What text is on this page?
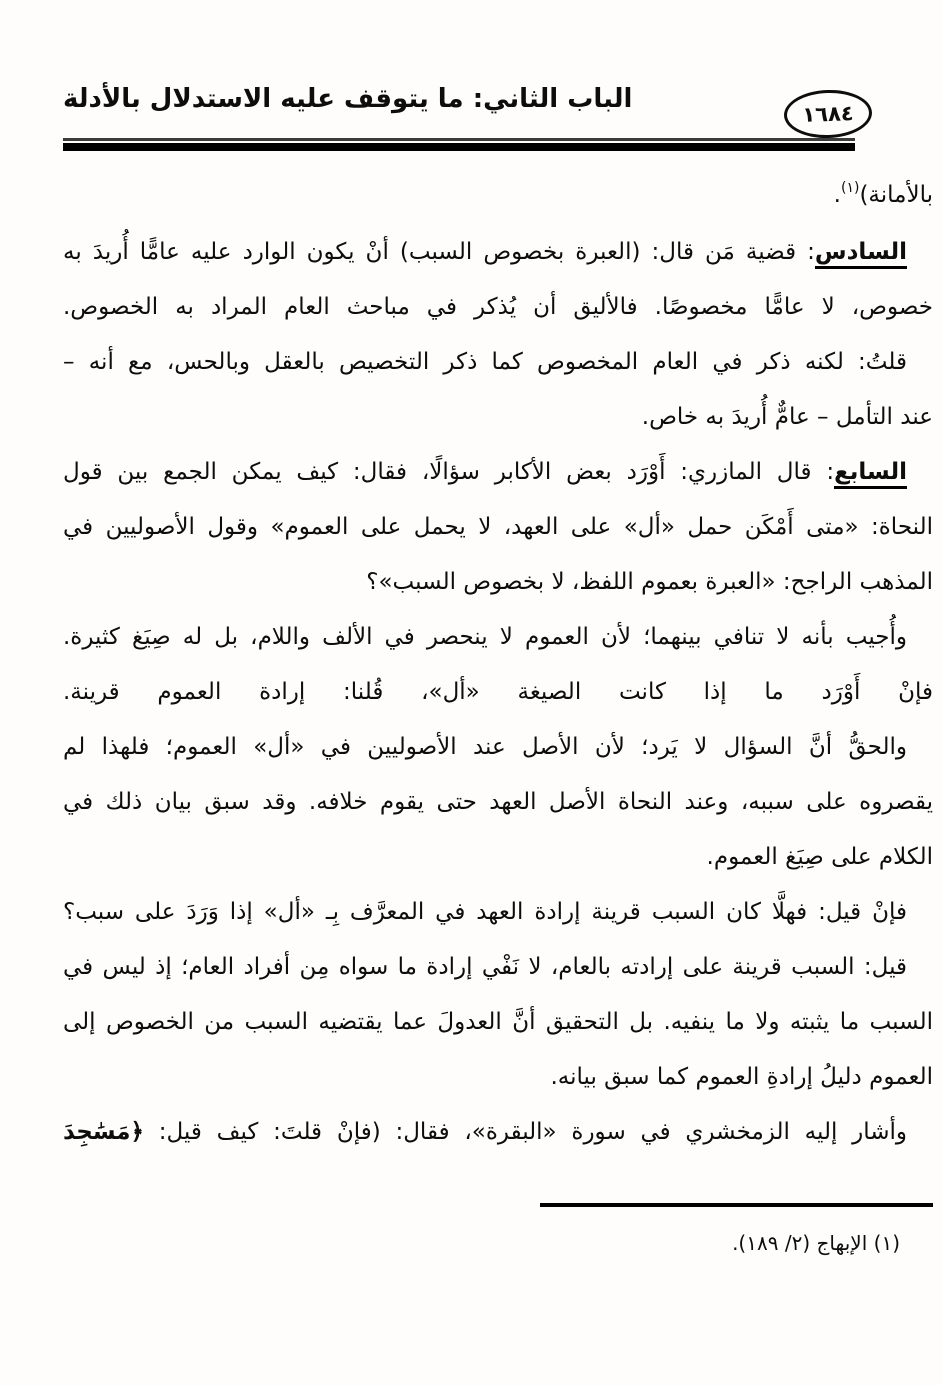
الباب الثاني: ما يتوقف عليه الاستدلال بالأدلة	١٦٨٤
بالأمانة)$^{(١)}$.
السادس: قضية مَن قال: (العبرة بخصوص السبب) أنْ يكون الوارد عليه عامًّا أُريدَ به
خصوص، لا عامًّا مخصوصًا. فالأليق أن يُذكر في مباحث العام المراد به الخصوص.
قلتُ: لكنه ذكر في العام المخصوص كما ذكر التخصيص بالعقل وبالحس، مع أنه –
عند التأمل – عامٌّ أُريدَ به خاص.
السابع: قال المازري: أَوْرَد بعض الأكابر سؤالًا، فقال: كيف يمكن الجمع بين قول
النحاة: «متى أَمْكَن حمل «أل» على العهد، لا يحمل على العموم» وقول الأصوليين في
المذهب الراجح: «العبرة بعموم اللفظ، لا بخصوص السبب»؟
وأُجيب بأنه لا تنافي بينهما؛ لأن العموم لا ينحصر في الألف واللام، بل له صِيَغ كثيرة.
فإنْ أَوْرَد ما إذا كانت الصيغة «أل»، قُلنا: إرادة العموم قرينة.
والحقُّ أنَّ السؤال لا يَرد؛ لأن الأصل عند الأصوليين في «أل» العموم؛ فلهذا لم
يقصروه على سببه، وعند النحاة الأصل العهد حتى يقوم خلافه. وقد سبق بيان ذلك في
الكلام على صِيَغ العموم.
فإنْ قيل: فهلَّا كان السبب قرينة إرادة العهد في المعرَّف بِـ «أل» إذا وَرَدَ على سبب؟
قيل: السبب قرينة على إرادته بالعام، لا نَفْي إرادة ما سواه مِن أفراد العام؛ إذ ليس في
السبب ما يثبته ولا ما ينفيه. بل التحقيق أنَّ العدولَ عما يقتضيه السبب من الخصوص إلى
العموم دليلُ إرادةِ العموم كما سبق بيانه.
وأشار إليه الزمخشري في سورة «البقرة»، فقال: (فإنْ قلتَ: كيف قيل: ﴿مَسَٰجِدَ
(١) الإبهاج (٢/ ١٨٩).
